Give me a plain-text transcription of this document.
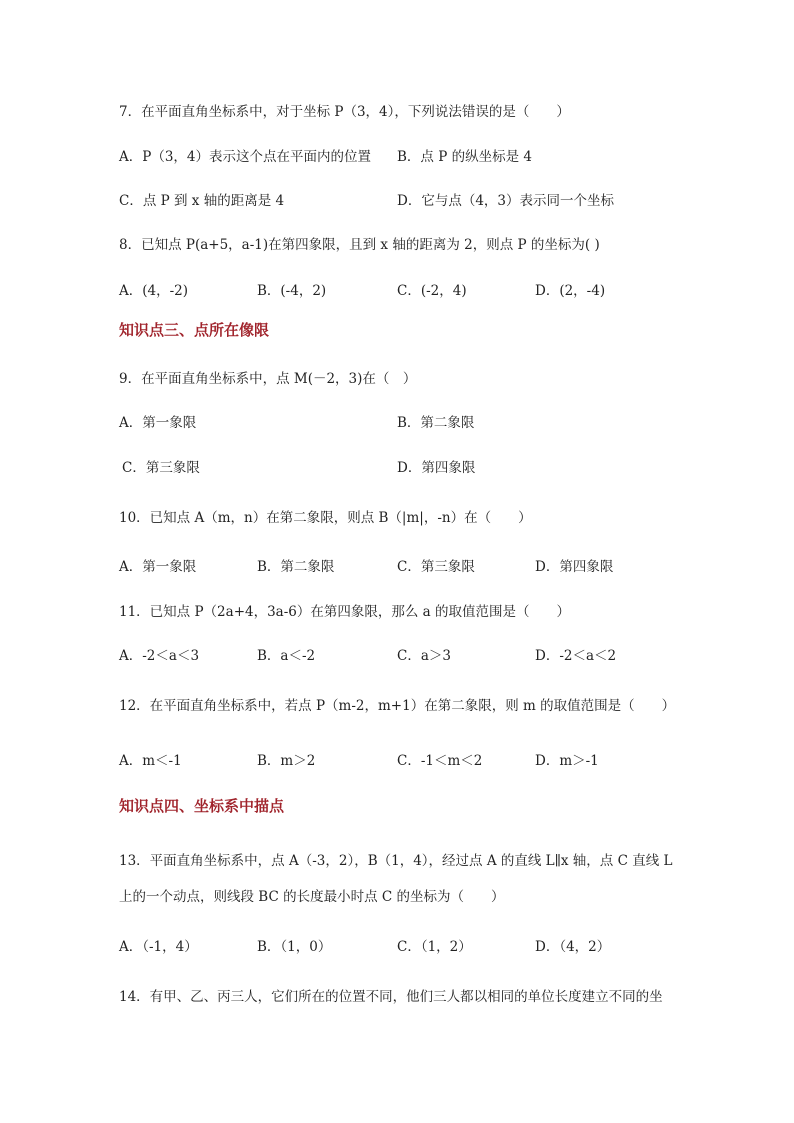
7．在平面直角坐标系中，对于坐标 P（3，4），下列说法错误的是（　　）
A．P（3，4）表示这个点在平面内的位置 B．点 P 的纵坐标是 4
C．点 P 到 x 轴的距离是 4	D．它与点（4，3）表示同一个坐标
8．已知点 P(a+5，a-1)在第四象限，且到 x 轴的距离为 2，则点 P 的坐标为( )
A．(4，-2)	B．(-4，2)	C．(-2，4)	D．(2，-4)
知识点三、点所在像限
9．在平面直角坐标系中，点 M(－2，3)在（　）
A．第一象限	B．第二象限
C．第三象限	D．第四象限
10．已知点 A（m，n）在第二象限，则点 B（|m|，-n）在（　　）
A．第一象限	B．第二象限	C．第三象限	D．第四象限
11．已知点 P（2a+4，3a-6）在第四象限，那么 a 的取值范围是（　　）
A．-2＜a＜3	B．a＜-2	C．a＞3	D．-2＜a＜2
12．在平面直角坐标系中，若点 P（m-2，m+1）在第二象限，则 m 的取值范围是（　　）
A．m＜-1	B．m＞2	C．-1＜m＜2	D．m＞-1
知识点四、坐标系中描点
13．平面直角坐标系中，点 A（-3，2），B（1，4），经过点 A 的直线 L∥x 轴，点 C 直线 L
上的一个动点，则线段 BC 的长度最小时点 C 的坐标为（　　）
A．（-1，4）	B．（1，0）	C．（1，2）	D．（4，2）
14．有甲、乙、丙三人，它们所在的位置不同，他们三人都以相同的单位长度建立不同的坐
